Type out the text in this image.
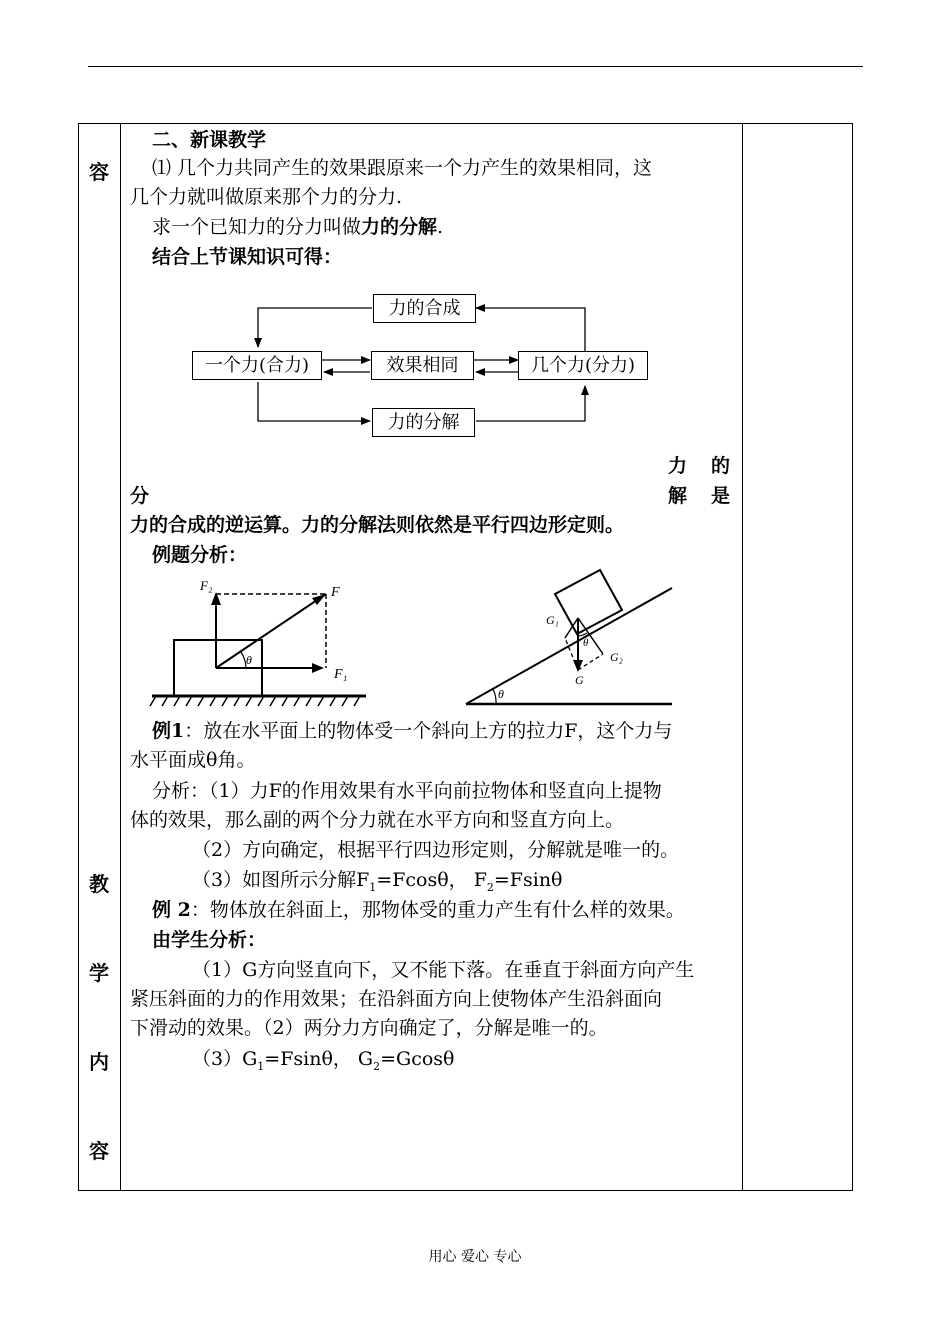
容
教
学
内
容
二、新课教学
⑴ 几个力共同产生的效果跟原来一个力产生的效果相同，这
几个力就叫做原来那个力的分力.
求一个已知力的分力叫做力的分解.
结合上节课知识可得：
力的合成
一个力(合力)	效果相同	几个力(分力)
力的分解
力 的
分	解 是
力的合成的逆运算。力的分解法则依然是平行四边形定则。
例题分析：
F₂	F
F₁
θ
G₁
G₂
G
θ
θ
例1：放在水平面上的物体受一个斜向上方的拉力F，这个力与
水平面成θ角。
分析：（1）力F的作用效果有水平向前拉物体和竖直向上提物
体的效果，那么副的两个分力就在水平方向和竖直方向上。
（2）方向确定，根据平行四边形定则，分解就是唯一的。
（3）如图所示分解$F_1=Fcos\theta$， $F_2=Fsin\theta$
例 2：物体放在斜面上，那物体受的重力产生有什么样的效果。
由学生分析：
（1）G方向竖直向下，又不能下落。在垂直于斜面方向产生
紧压斜面的力的作用效果；在沿斜面方向上使物体产生沿斜面向
下滑动的效果。（2）两分力方向确定了，分解是唯一的。
$(3)G_1=Fsin\theta$， $G_2=Gcos\theta$
用心 爱心 专心
